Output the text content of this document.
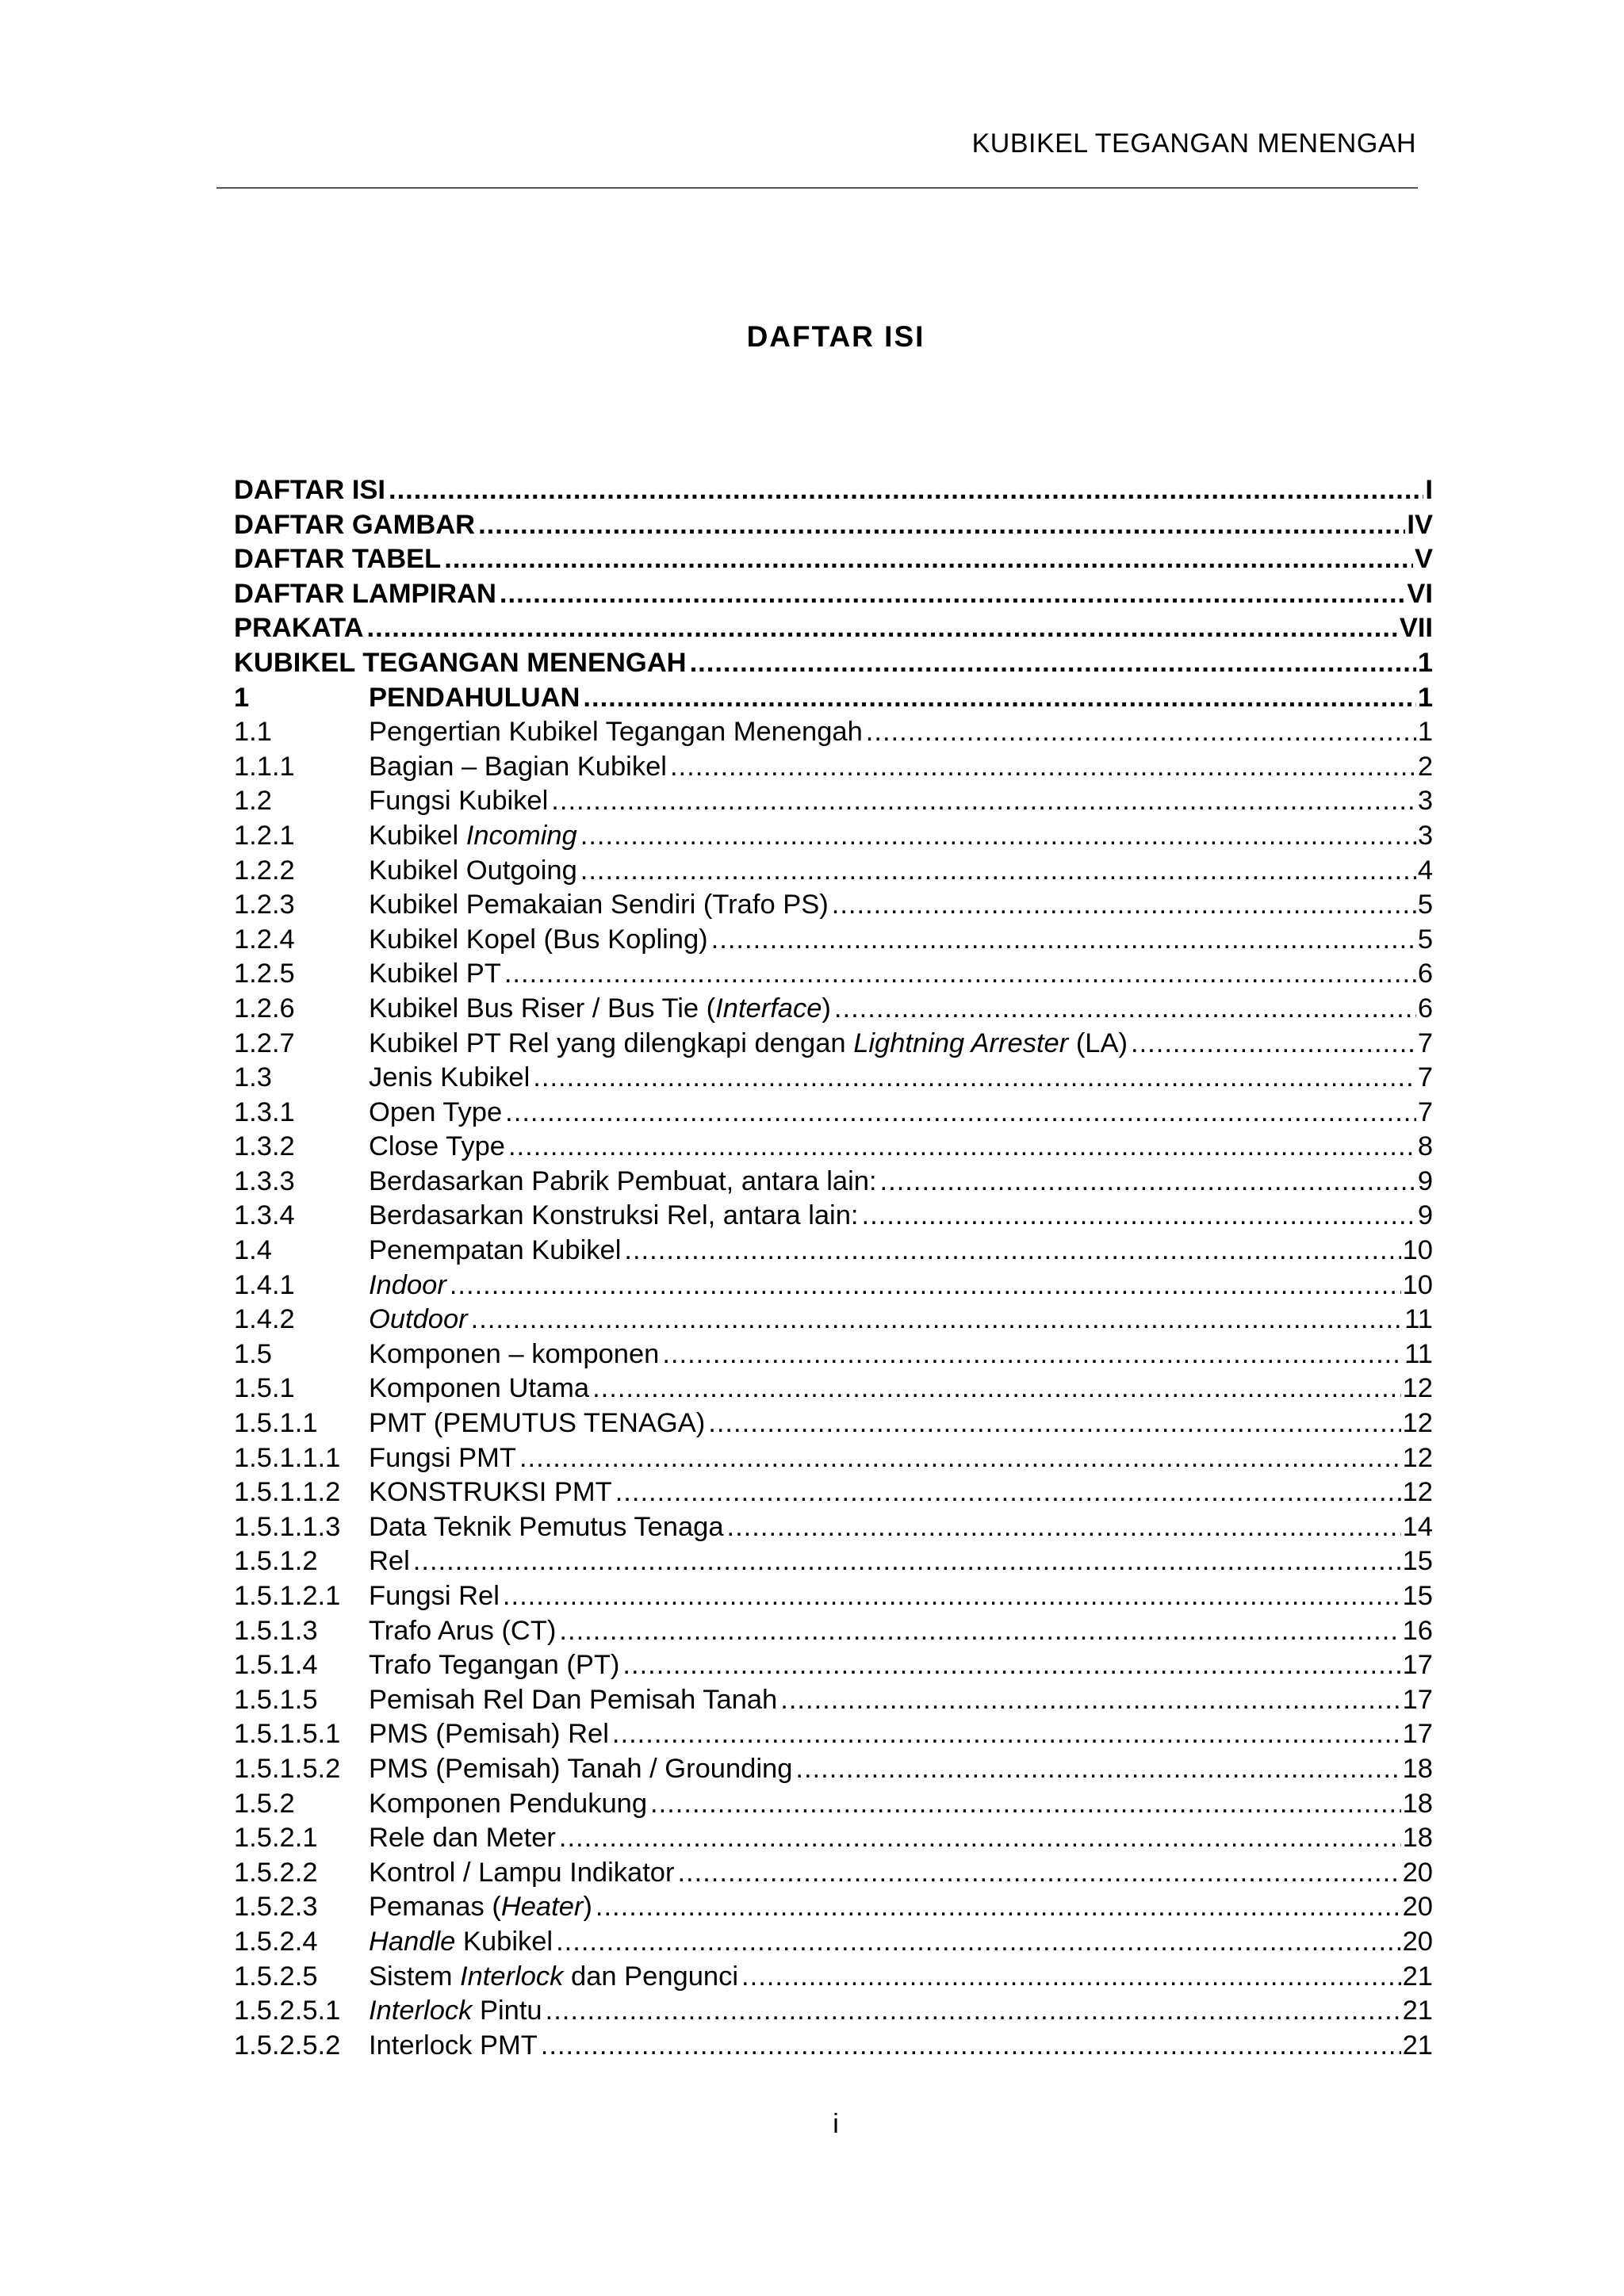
KUBIKEL TEGANGAN MENENGAH
DAFTAR ISI
DAFTAR ISI .....	I
DAFTAR GAMBAR .....	IV
DAFTAR TABEL .....	V
DAFTAR LAMPIRAN .....	VI
PRAKATA .....	VII
KUBIKEL TEGANGAN MENENGAH .....	1
1	PENDAHULUAN .....	1
1.1	Pengertian Kubikel Tegangan Menengah .....	1
1.1.1	Bagian – Bagian Kubikel .....	2
1.2	Fungsi Kubikel .....	3
1.2.1	Kubikel Incoming .....	3
1.2.2	Kubikel Outgoing .....	4
1.2.3	Kubikel Pemakaian Sendiri (Trafo PS) .....	5
1.2.4	Kubikel Kopel (Bus Kopling) .....	5
1.2.5	Kubikel PT .....	6
1.2.6	Kubikel Bus Riser / Bus Tie (Interface) .....	6
1.2.7	Kubikel PT Rel yang dilengkapi dengan Lightning Arrester (LA) .....	7
1.3	Jenis Kubikel .....	7
1.3.1	Open Type .....	7
1.3.2	Close Type .....	8
1.3.3	Berdasarkan Pabrik Pembuat, antara lain: .....	9
1.3.4	Berdasarkan Konstruksi Rel, antara lain: .....	9
1.4	Penempatan Kubikel .....	10
1.4.1	Indoor .....	10
1.4.2	Outdoor .....	11
1.5	Komponen – komponen .....	11
1.5.1	Komponen Utama .....	12
1.5.1.1	PMT (PEMUTUS TENAGA) .....	12
1.5.1.1.1	Fungsi PMT .....	12
1.5.1.1.2	KONSTRUKSI PMT .....	12
1.5.1.1.3	Data Teknik Pemutus Tenaga .....	14
1.5.1.2	Rel .....	15
1.5.1.2.1	Fungsi Rel .....	15
1.5.1.3	Trafo Arus (CT) .....	16
1.5.1.4	Trafo Tegangan (PT) .....	17
1.5.1.5	Pemisah Rel Dan Pemisah Tanah .....	17
1.5.1.5.1	PMS (Pemisah) Rel .....	17
1.5.1.5.2	PMS (Pemisah) Tanah / Grounding .....	18
1.5.2	Komponen Pendukung .....	18
1.5.2.1	Rele dan Meter .....	18
1.5.2.2	Kontrol / Lampu Indikator .....	20
1.5.2.3	Pemanas (Heater) .....	20
1.5.2.4	Handle Kubikel .....	20
1.5.2.5	Sistem Interlock dan Pengunci .....	21
1.5.2.5.1	Interlock Pintu .....	21
1.5.2.5.2	Interlock PMT .....	21
i
